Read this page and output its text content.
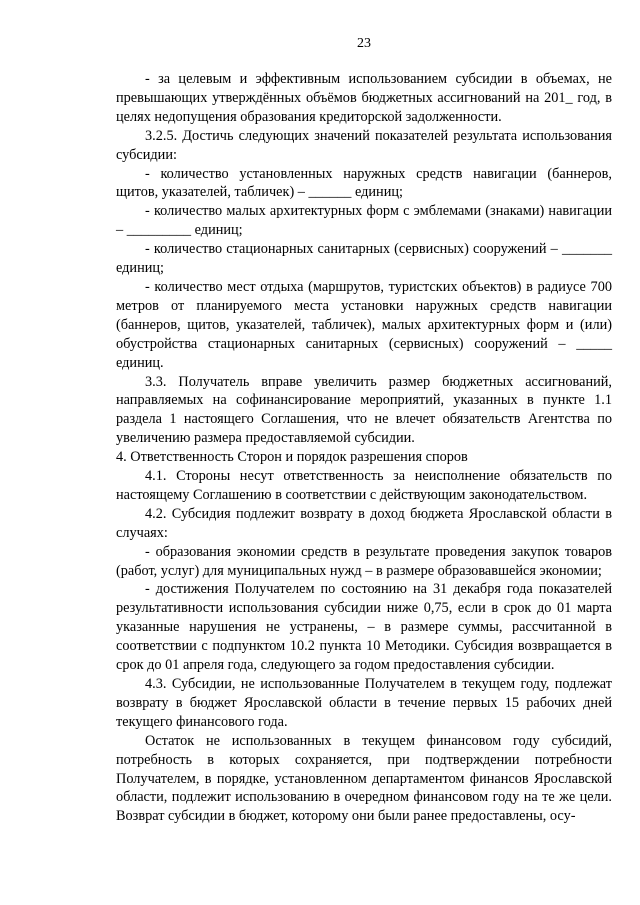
23

- за целевым и эффективным использованием субсидии в объемах, не превышающих утверждённых объёмов бюджетных ассигнований на 201_ год, в целях недопущения образования кредиторской задолженности.

3.2.5. Достичь следующих значений показателей результата использования субсидии:

- количество установленных наружных средств навигации (баннеров, щитов, указателей, табличек) – ______ единиц;

- количество малых архитектурных форм с эмблемами (знаками) навигации – _________ единиц;

- количество стационарных санитарных (сервисных) сооружений – _______ единиц;

- количество мест отдыха (маршрутов, туристских объектов) в радиусе 700 метров от планируемого места установки наружных средств навигации (баннеров, щитов, указателей, табличек), малых архитектурных форм и (или) обустройства стационарных санитарных (сервисных) сооружений – _____ единиц.

3.3. Получатель вправе увеличить размер бюджетных ассигнований, направляемых на софинансирование мероприятий, указанных в пункте 1.1 раздела 1 настоящего Соглашения, что не влечет обязательств Агентства по увеличению размера предоставляемой субсидии.

4. Ответственность Сторон и порядок разрешения споров

4.1. Стороны несут ответственность за неисполнение обязательств по настоящему Соглашению в соответствии с действующим законодательством.

4.2. Субсидия подлежит возврату в доход бюджета Ярославской области в случаях:

- образования экономии средств в результате проведения закупок товаров (работ, услуг) для муниципальных нужд – в размере образовавшейся экономии;

- достижения Получателем по состоянию на 31 декабря года показателей результативности использования субсидии ниже 0,75, если в срок до 01 марта указанные нарушения не устранены, – в размере суммы, рассчитанной в соответствии с подпунктом 10.2 пункта 10 Методики. Субсидия возвращается в срок до 01 апреля года, следующего за годом предоставления субсидии.

4.3. Субсидии, не использованные Получателем в текущем году, подлежат возврату в бюджет Ярославской области в течение первых 15 рабочих дней текущего финансового года.

Остаток не использованных в текущем финансовом году субсидий, потребность в которых сохраняется, при подтверждении потребности Получателем, в порядке, установленном департаментом финансов Ярославской области, подлежит использованию в очередном финансовом году на те же цели. Возврат субсидии в бюджет, которому они были ранее предоставлены, осу-
